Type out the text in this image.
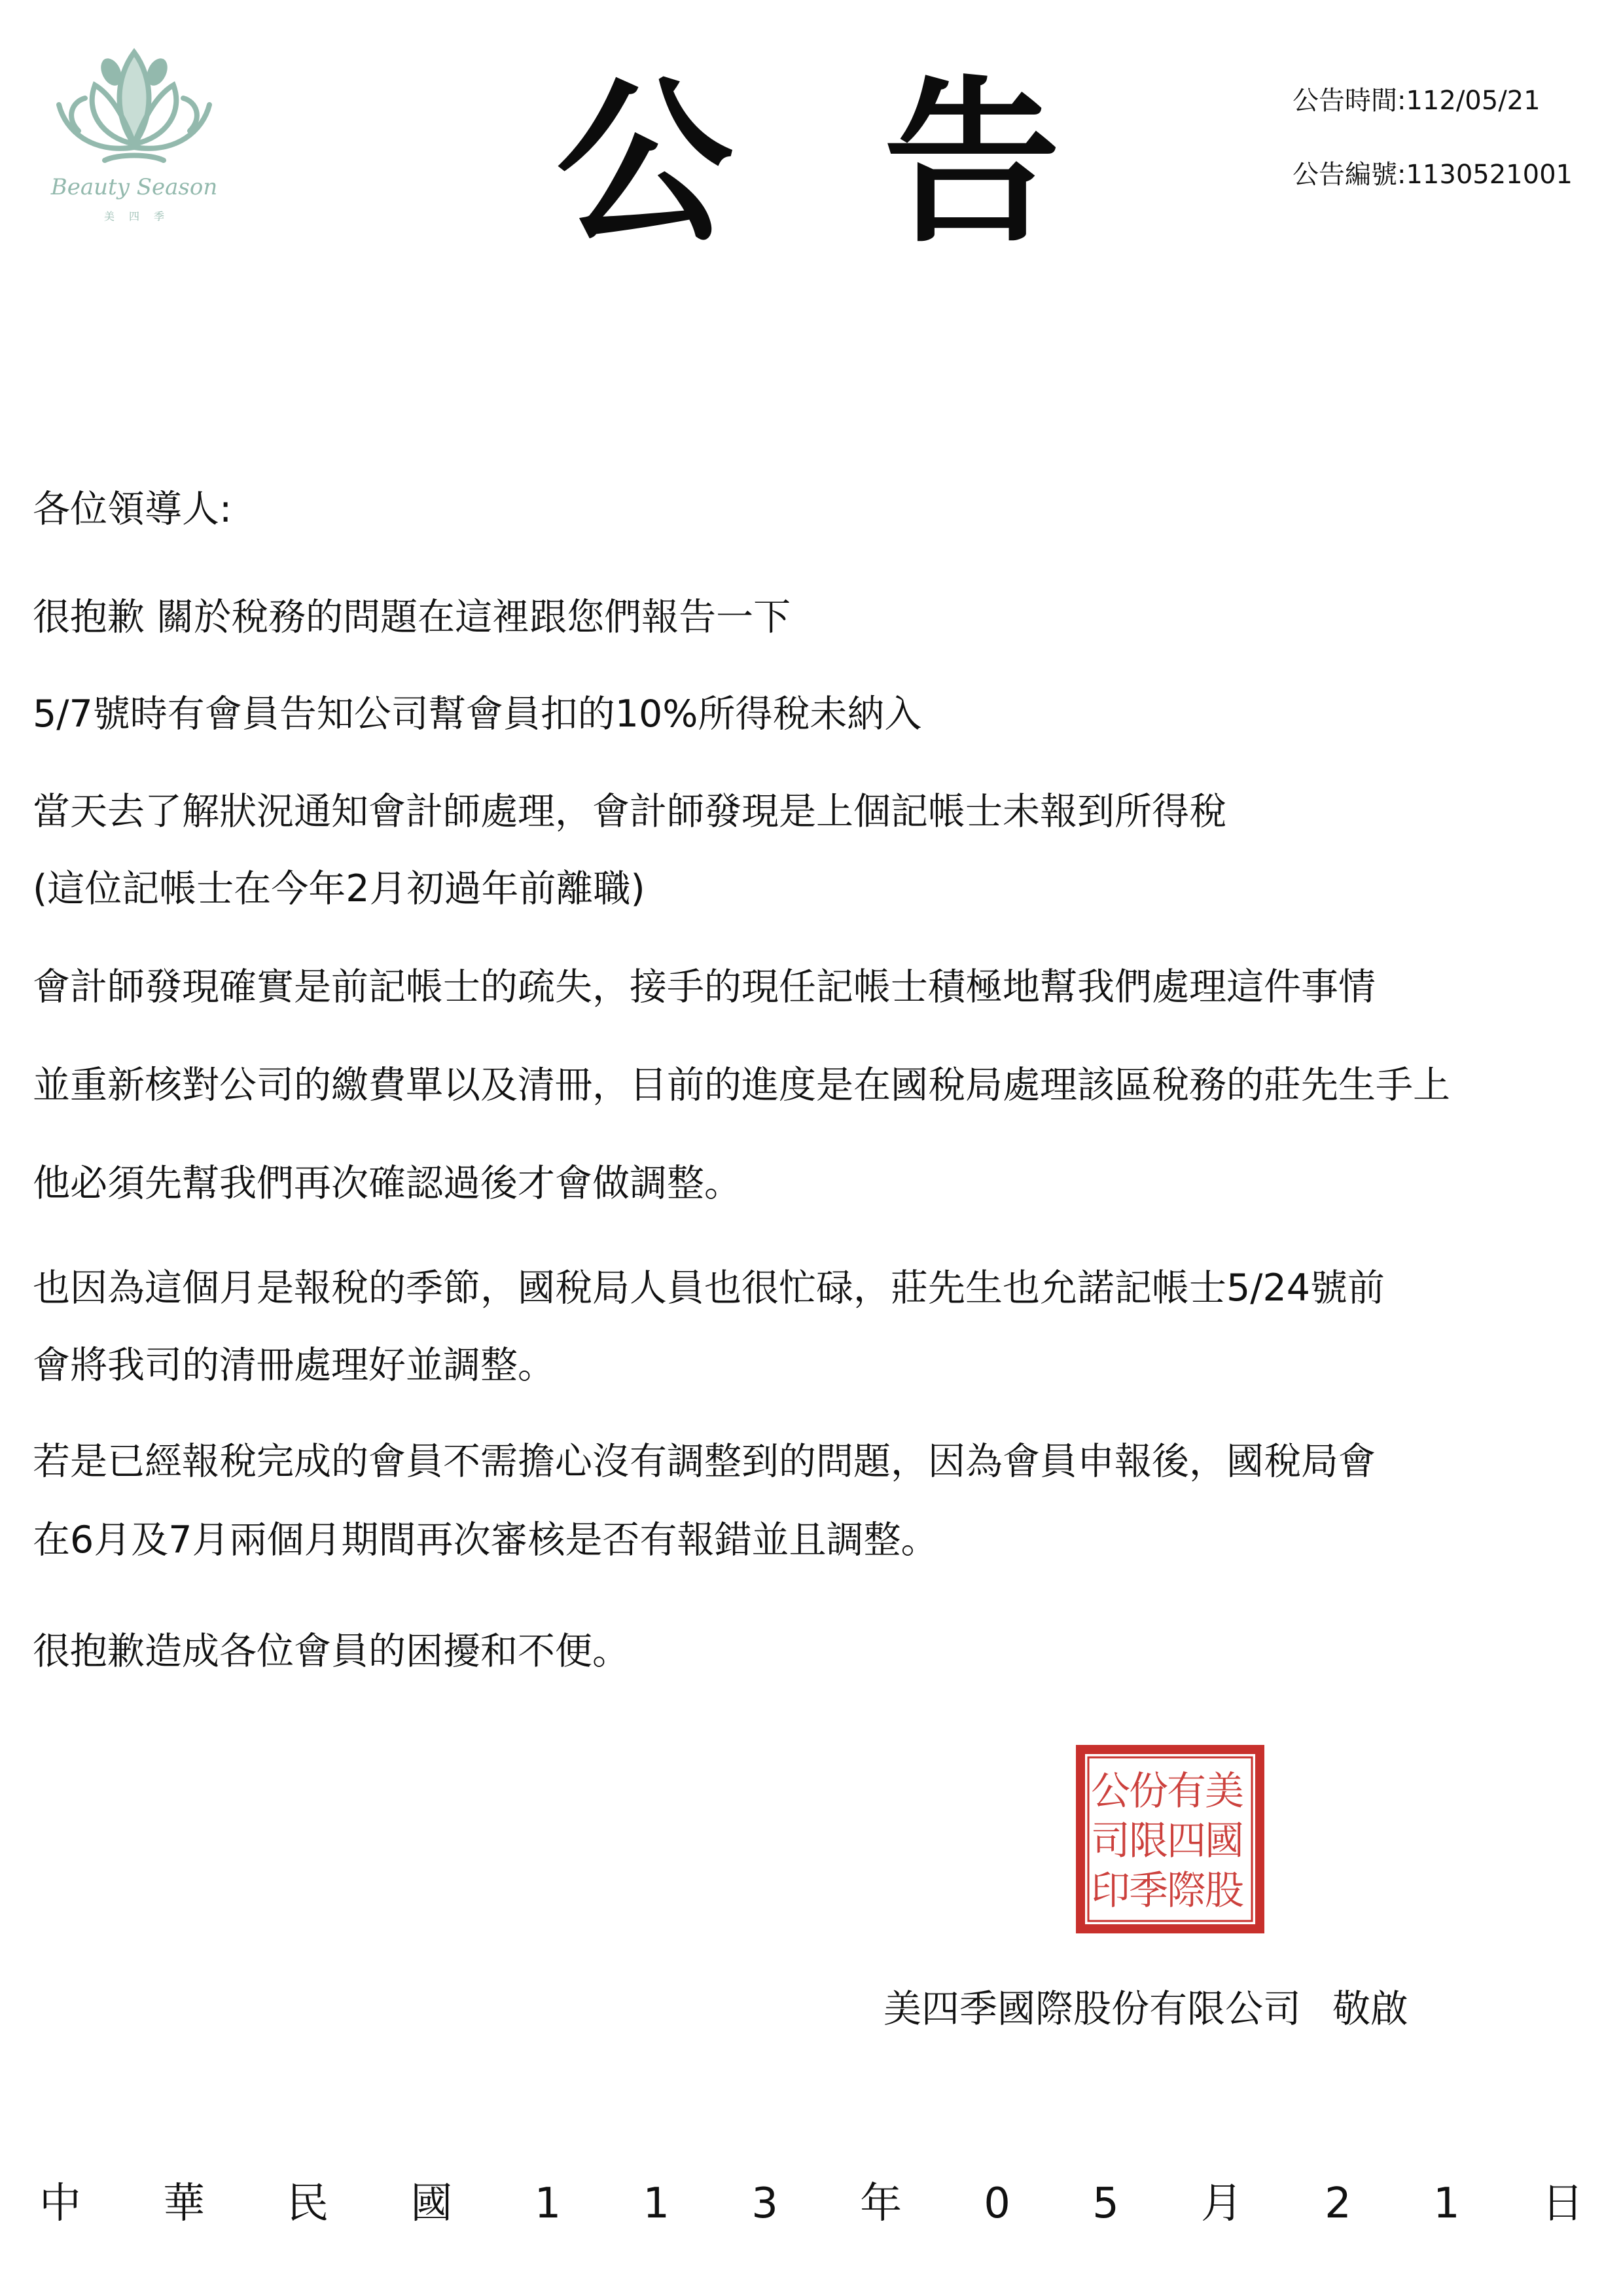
Beauty Season
美四季 公 告	公告時間:112/05/21
公告編號:1130521001
各位領導人:
很抱歉 關於稅務的問題在這裡跟您們報告一下
5/7號時有會員告知公司幫會員扣的10%所得稅未納入
當天去了解狀況通知會計師處理，會計師發現是上個記帳士未報到所得稅
(這位記帳士在今年2月初過年前離職)
會計師發現確實是前記帳士的疏失，接手的現任記帳士積極地幫我們處理這件事情
並重新核對公司的繳費單以及清冊，目前的進度是在國稅局處理該區稅務的莊先生手上
他必須先幫我們再次確認過後才會做調整。
也因為這個月是報稅的季節，國稅局人員也很忙碌，莊先生也允諾記帳士5/24號前
會將我司的清冊處理好並調整。
若是已經報稅完成的會員不需擔心沒有調整到的問題，因為會員申報後，國稅局會
在6月及7月兩個月期間再次審核是否有報錯並且調整。
很抱歉造成各位會員的困擾和不便。
美
國
股
有
四
際
份
限
季
公
司
印
美四季國際股份有限公司 敬啟
中 華 民 國 1 1 3 年 0 5 月 2 1 日
